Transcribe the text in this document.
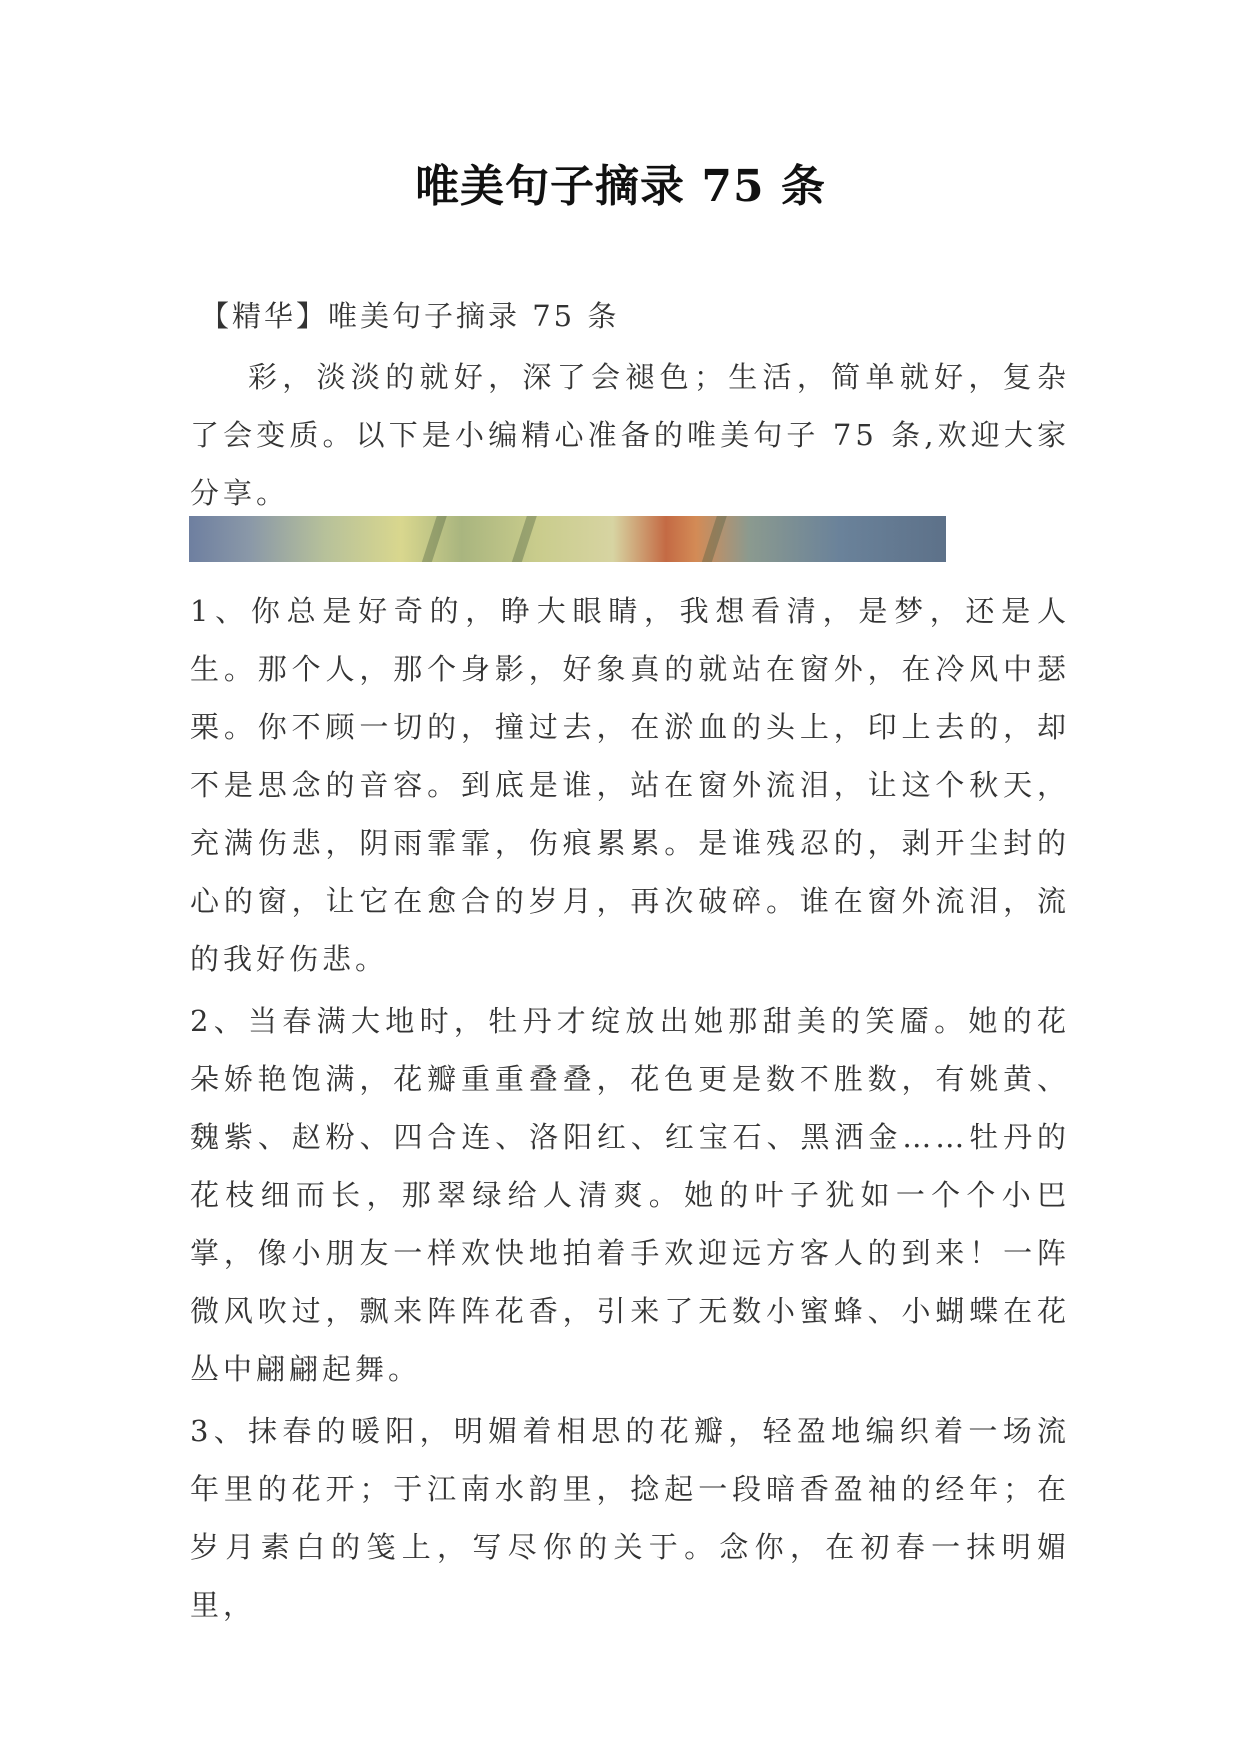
唯美句子摘录 75 条
【精华】唯美句子摘录 75 条
彩，淡淡的就好，深了会褪色；生活，简单就好，复杂了会变质。以下是小编精心准备的唯美句子 75 条,欢迎大家分享。
1、你总是好奇的，睁大眼睛，我想看清，是梦，还是人生。那个人，那个身影，好象真的就站在窗外，在冷风中瑟栗。你不顾一切的，撞过去，在淤血的头上，印上去的，却不是思念的音容。到底是谁，站在窗外流泪，让这个秋天，充满伤悲，阴雨霏霏，伤痕累累。是谁残忍的，剥开尘封的心的窗，让它在愈合的岁月，再次破碎。谁在窗外流泪，流的我好伤悲。
2、当春满大地时，牡丹才绽放出她那甜美的笑靥。她的花朵娇艳饱满，花瓣重重叠叠，花色更是数不胜数，有姚黄、魏紫、赵粉、四合连、洛阳红、红宝石、黑洒金……牡丹的花枝细而长，那翠绿给人清爽。她的叶子犹如一个个小巴掌，像小朋友一样欢快地拍着手欢迎远方客人的到来！一阵微风吹过，飘来阵阵花香，引来了无数小蜜蜂、小蝴蝶在花丛中翩翩起舞。
3、抹春的暖阳，明媚着相思的花瓣，轻盈地编织着一场流年里的花开；于江南水韵里，捻起一段暗香盈袖的经年；在岁月素白的笺上，写尽你的关于。念你，在初春一抹明媚里，
